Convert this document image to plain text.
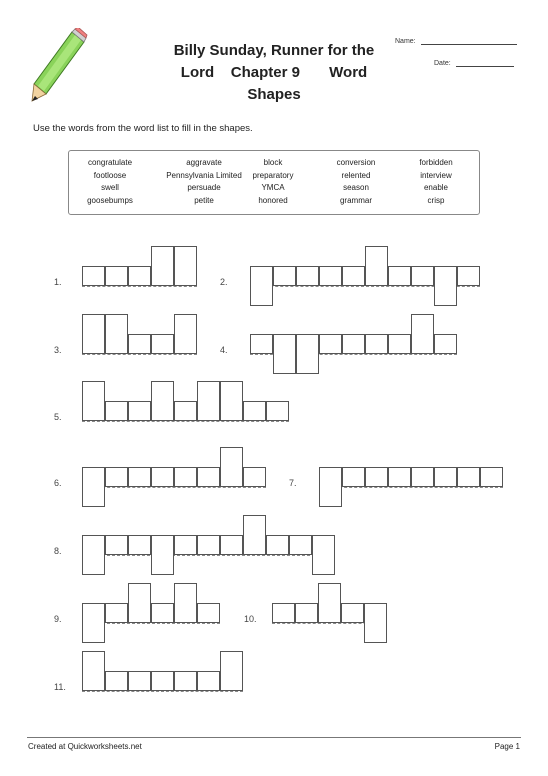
Billy Sunday, Runner for the
Lord    Chapter 9       Word
Shapes
Name:
Date:
Use the words from the word list to fill in the shapes.
congratulate
footloose
swell
goosebumps
aggravate
Pennsylvania Limited
persuade
petite
block
preparatory
YMCA
honored
conversion
relented
season
grammar
forbidden
interview
enable
crisp
1.	2.
3.	4.
5.
6.	7.
8.
9.	10.
11.
Created at Quickworksheets.net	Page 1
